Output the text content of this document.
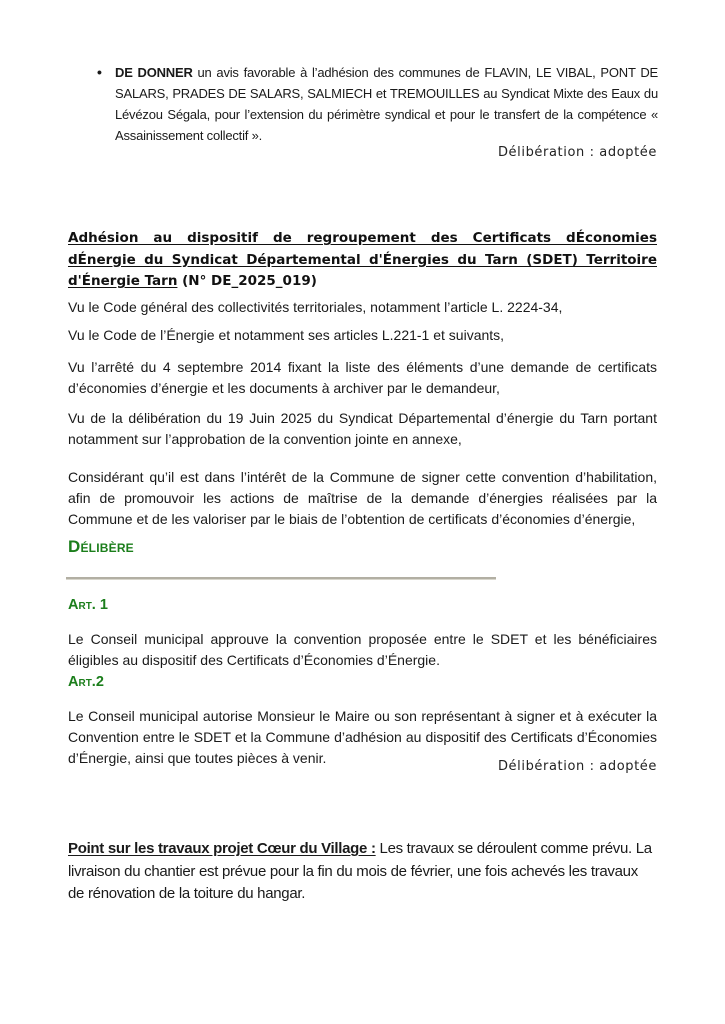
• DE DONNER un avis favorable à l’adhésion des communes de FLAVIN, LE VIBAL, PONT DE SALARS, PRADES DE SALARS, SALMIECH et TREMOUILLES au Syndicat Mixte des Eaux du Lévézou Ségala, pour l’extension du périmètre syndical et pour le transfert de la compétence « Assainissement collectif ».

Délibération : adoptée
Adhésion au dispositif de regroupement des Certificats dÉconomies dÉnergie du Syndicat Départemental d'Énergies du Tarn (SDET) Territoire d'Énergie Tarn (N° DE_2025_019)

Vu le Code général des collectivités territoriales, notamment l’article L. 2224-34,

Vu le Code de l’Énergie et notamment ses articles L.221-1 et suivants,

Vu l’arrêté du 4 septembre 2014 fixant la liste des éléments d’une demande de certificats d’économies d’énergie et les documents à archiver par le demandeur,

Vu de la délibération du 19 Juin 2025 du Syndicat Départemental d’énergie du Tarn portant notamment sur l’approbation de la convention jointe en annexe,

Considérant qu’il est dans l’intérêt de la Commune de signer cette convention d’habilitation, afin de promouvoir les actions de maîtrise de la demande d’énergies réalisées par la Commune et de les valoriser par le biais de l’obtention de certificats d’économies d’énergie,

Délibère
Art. 1

Le Conseil municipal approuve la convention proposée entre le SDET et les bénéficiaires éligibles au dispositif des Certificats d’Économies d’Énergie.

Art.2

Le Conseil municipal autorise Monsieur le Maire ou son représentant à signer et à exécuter la Convention entre le SDET et la Commune d’adhésion au dispositif des Certificats d’Économies d’Énergie, ainsi que toutes pièces à venir.

Délibération : adoptée

Point sur les travaux projet Cœur du Village : Les travaux se déroulent comme prévu. La livraison du chantier est prévue pour la fin du mois de février, une fois achevés les travaux de rénovation de la toiture du hangar.
